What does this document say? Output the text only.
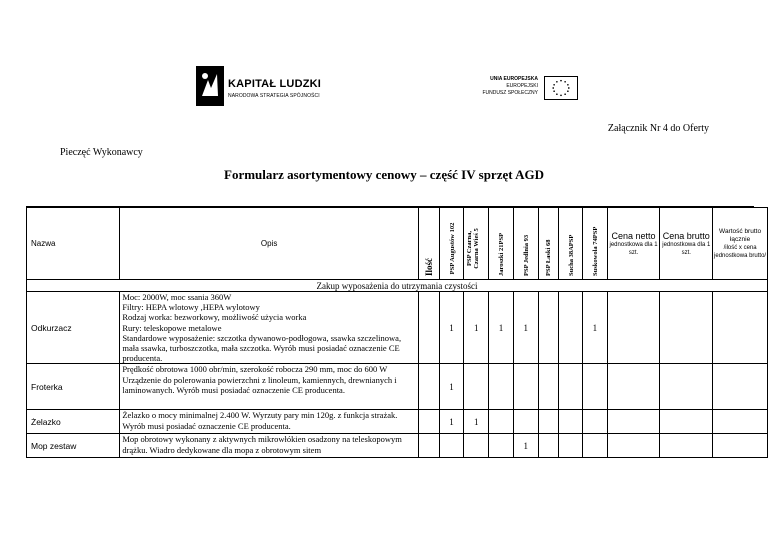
KAPITAŁ LUDZKI
NARODOWA STRATEGIA SPÓJNOŚCI
UNIA EUROPEJSKA
EUROPEJSKI
FUNDUSZ SPOŁECZNY
Załącznik Nr 4 do Oferty
Pieczęć Wykonawcy
Formularz asortymentowy cenowy – część IV sprzęt AGD
Nazwa	Opis	Ilość	PSP Augustów 102	PSP Czarna, Czarna Wieś 5	Jaroszki 21PSP	PSP Jedlnia 93	PSP Łaski 68	Sucha 38APSP	Suskowola 74PSP	Cena netto
jednostkowa dla 1 szt.	Cena brutto
jednostkowa dla 1 szt.	Wartość brutto łącznie
/ilość x cena jednostkowa brutto/

Zakup wyposażenia do utrzymania czystości												
Odkurzacz	Moc: 2000W, moc ssania 360W
Filtry: HEPA wlotowy ,HEPA wylotowy
Rodzaj worka: bezworkowy, możliwość użycia worka
Rury: teleskopowe metalowe
Standardowe wyposażenie: szczotka dywanowo-podłogowa, ssawka szczelinowa, mała ssawka, turboszczotka, mała szczotka. Wyrób musi posiadać oznaczenie CE producenta.		1	1	1	1			1			
Froterka	Prędkość obrotowa 1000 obr/min, szerokość robocza 290 mm, moc do 600 W Urządzenie do polerowania powierzchni z linoleum, kamiennych, drewnianych i laminowanych. Wyrób musi posiadać oznaczenie CE producenta.		1									
Żelazko	Żelazko o mocy minimalnej 2.400 W. Wyrzuty pary min 120g. z funkcja strażak. Wyrób musi posiadać oznaczenie CE producenta.		1	1								
Mop zestaw	Mop obrotowy wykonany z aktywnych mikrowłókien osadzony na teleskopowym drążku. Wiadro dedykowane dla mopa z obrotowym sitem					1						
